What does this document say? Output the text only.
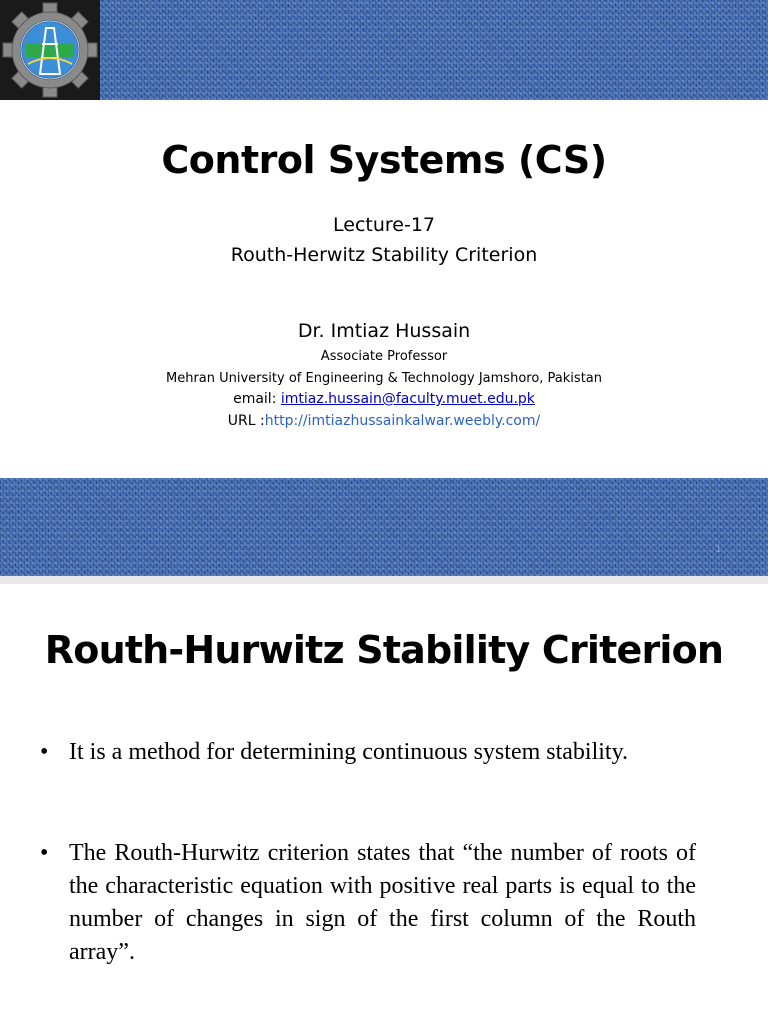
Control Systems (CS)
Lecture-17
Routh-Herwitz Stability Criterion
Dr. Imtiaz Hussain
Associate Professor
Mehran University of Engineering & Technology Jamshoro, Pakistan
email: imtiaz.hussain@faculty.muet.edu.pk
URL :http://imtiazhussainkalwar.weebly.com/
1
Routh-Hurwitz Stability Criterion
• It is a method for determining continuous system stability.
• The Routh-Hurwitz criterion states that “the number of roots of the characteristic equation with positive real parts is equal to the number of changes in sign of the first column of the Routh array”.
